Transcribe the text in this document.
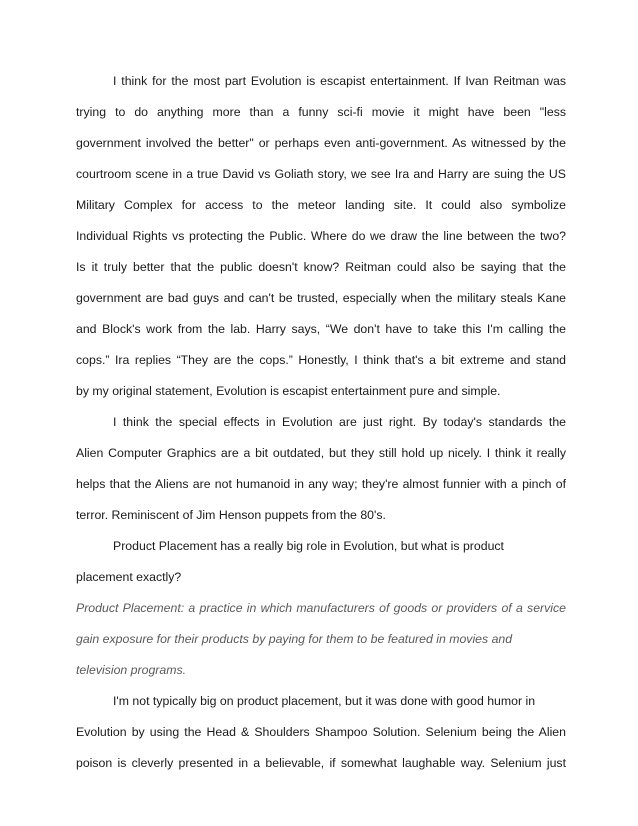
I think for the most part Evolution is escapist entertainment. If Ivan Reitman was
trying to do anything more than a funny sci-fi movie it might have been "less
government involved the better" or perhaps even anti-government. As witnessed by the
courtroom scene in a true David vs Goliath story, we see Ira and Harry are suing the US
Military Complex for access to the meteor landing site. It could also symbolize
Individual Rights vs protecting the Public. Where do we draw the line between the two?
Is it truly better that the public doesn't know? Reitman could also be saying that the
government are bad guys and can't be trusted, especially when the military steals Kane
and Block's work from the lab. Harry says, “We don't have to take this I'm calling the
cops.” Ira replies “They are the cops.” Honestly, I think that's a bit extreme and stand
by my original statement, Evolution is escapist entertainment pure and simple.
I think the special effects in Evolution are just right. By today's standards the
Alien Computer Graphics are a bit outdated, but they still hold up nicely. I think it really
helps that the Aliens are not humanoid in any way; they're almost funnier with a pinch of
terror. Reminiscent of Jim Henson puppets from the 80's.
Product Placement has a really big role in Evolution, but what is product
placement exactly?
Product Placement: a practice in which manufacturers of goods or providers of a service
gain exposure for their products by paying for them to be featured in movies and
television programs.
I'm not typically big on product placement, but it was done with good humor in
Evolution by using the Head & Shoulders Shampoo Solution. Selenium being the Alien
poison is cleverly presented in a believable, if somewhat laughable way. Selenium just
